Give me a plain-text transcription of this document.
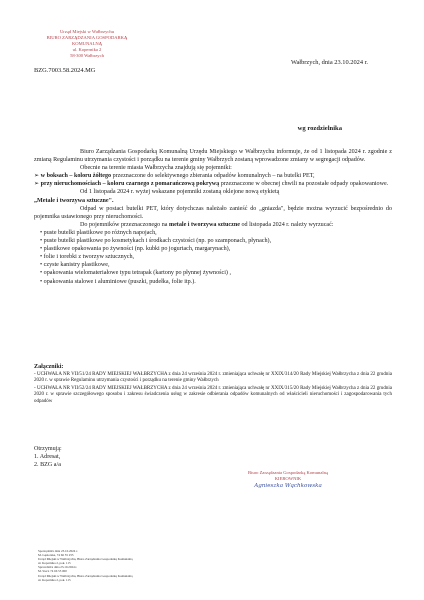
Urząd Miejski w Wałbrzychu
BIURO ZARZĄDZANIA GOSPODARKĄ
KOMUNALNĄ
ul. Kopernika 2
58-300 Wałbrzych
BZG.7003.58.2024.MG
Wałbrzych, dnia 23.10.2024 r.
wg rozdzielnika

Biuro Zarządzania Gospodarką Komunalną Urzędu Miejskiego w Wałbrzychu informuje, że od 1 listopada 2024 r. zgodnie z zmianą Regulaminu utrzymania czystości i porządku na terenie gminy Wałbrzych zostaną wprowadzone zmiany w segregacji odpadów.

Obecnie na terenie miasta Wałbrzycha znajdują się pojemniki:

➢ w boksach – koloru żółtego przeznaczone do selektywnego zbierania odpadów komunalnych – na butelki PET,

➢ przy nieruchomościach – koloru czarnego z pomarańczową pokrywą przeznaczone w obecnej chwili na pozostałe odpady opakowaniowe.

Od 1 listopada 2024 r. wyżej wskazane pojemniki zostaną oklejone nową etykietą
„Metale i tworzywa sztuczne".

Odpad w postaci butelki PET, który dotychczas należało zanieść do „gniazda", będzie można wyrzucić bezpośrednio do pojemnika ustawionego przy nieruchomości.

Do pojemników przeznaczonego na metale i tworzywa sztuczne od listopada 2024 r. należy wyrzucać:

• puste butelki plastikowe po różnych napojach,

• puste butelki plastikowe po kosmetykach i środkach czystości (np. po szamponach, płynach),

• plastikowe opakowania po żywności (np. kubki po jogurtach, margarynach),

• folie i torebki z tworzyw sztucznych,

• czyste kanistry plastikowe,

• opakowania wielomateriałowe typu tetrapak (kartony po płynnej żywności) ,

• opakowania stalowe i aluminiowe (puszki, pudełka, folie itp.).

Załączniki:

- UCHWAŁA NR VII/51/24 RADY MIEJSKIEJ WAŁBRZYCHA z dnia 24 września 2024 r. zmieniająca uchwałę nr XXIX/314/20 Rady Miejskiej Wałbrzycha z dnia 22 grudnia 2020 r. w sprawie Regulaminu utrzymania czystości i porządku na terenie gminy Wałbrzych

- UCHWAŁA NR VII/52/24 RADY MIEJSKIEJ WAŁBRZYCHA z dnia 24 września 2024 r. zmieniająca uchwałę nr XXIX/315/20 Rady Miejskiej Wałbrzycha z dnia 22 grudnia 2020 r. w sprawie szczegółowego sposobu i zakresu świadczenia usług w zakresie odbierania odpadów komunalnych od właścicieli nieruchomości i zagospodarowania tych odpadów

Otrzymują:
1. Adresat,
2. BZG a/a
Biuro Zarządzania Gospodarką Komunalną
KIEROWNIK
Agnieszka Wąchkowska
Sporządził/a dnia 23.10.2024 r.
M. Gąsiorska, 74 66 55 255
Urząd Miejski w Wałbrzychu, Biuro Zarządzania Gospodarką Komunalną
ul. Kopernika 2, pok. 115
Sprawdził/a dnia 23.10.2024 r.
M. Stecz 74 66 55 000
Urząd Miejski w Wałbrzychu, Biuro Zarządzania Gospodarką Komunalną
ul. Kopernika 2, pok. 115
